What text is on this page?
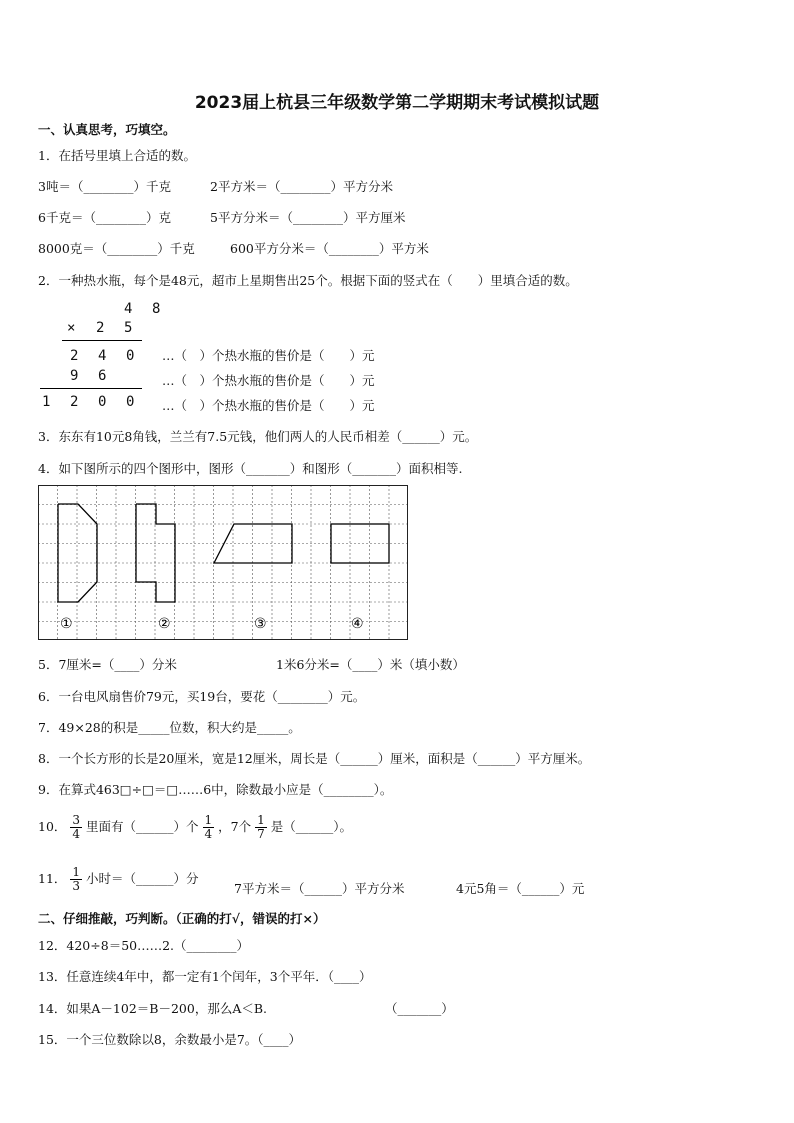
2023届上杭县三年级数学第二学期期末考试模拟试题
一、认真思考，巧填空。
1．在括号里填上合适的数。
3吨＝（________）千克	2平方米＝（________）平方分米
6千克＝（________）克	5平方分米＝（________）平方厘米
8000克＝（________）千克	600平方分米＝（________）平方米
2．一种热水瓶，每个是48元，超市上星期售出25个。根据下面的竖式在（　　）里填合适的数。
4 8
× 2 5
2 4 0
9 6
1 2 0 0
…（　）个热水瓶的售价是（　　）元
…（　）个热水瓶的售价是（　　）元
…（　）个热水瓶的售价是（　　）元
3．东东有10元8角钱，兰兰有7.5元钱，他们两人的人民币相差（______）元。
4．如下图所示的四个图形中，图形（_______）和图形（_______）面积相等.
①	②	③	④
5．7厘米=（____）分米	1米6分米=（____）米（填小数）
6．一台电风扇售价79元，买19台，要花（________）元。
7．49×28的积是_____位数，积大约是_____。
8．一个长方形的长是20厘米，宽是12厘米，周长是（______）厘米，面积是（______）平方厘米。
9．在算式463□÷□＝□……6中，除数最小应是（________）。
10． $\frac{3}{4}$ 里面有（______）个 $\frac{1}{4}$ ，7个 $\frac{1}{7}$ 是（______）。
11． $\frac{1}{3}$ 小时＝（______）分
7平方米＝（______）平方分米	4元5角＝（______）元
二、仔细推敲，巧判断。（正确的打√，错误的打×）
12．420÷8＝50……2.（________）
13．任意连续4年中，都一定有1个闰年，3个平年．（____）
14．如果A－102＝B－200，那么A＜B.	（_______）
15．一个三位数除以8，余数最小是7。（____）
